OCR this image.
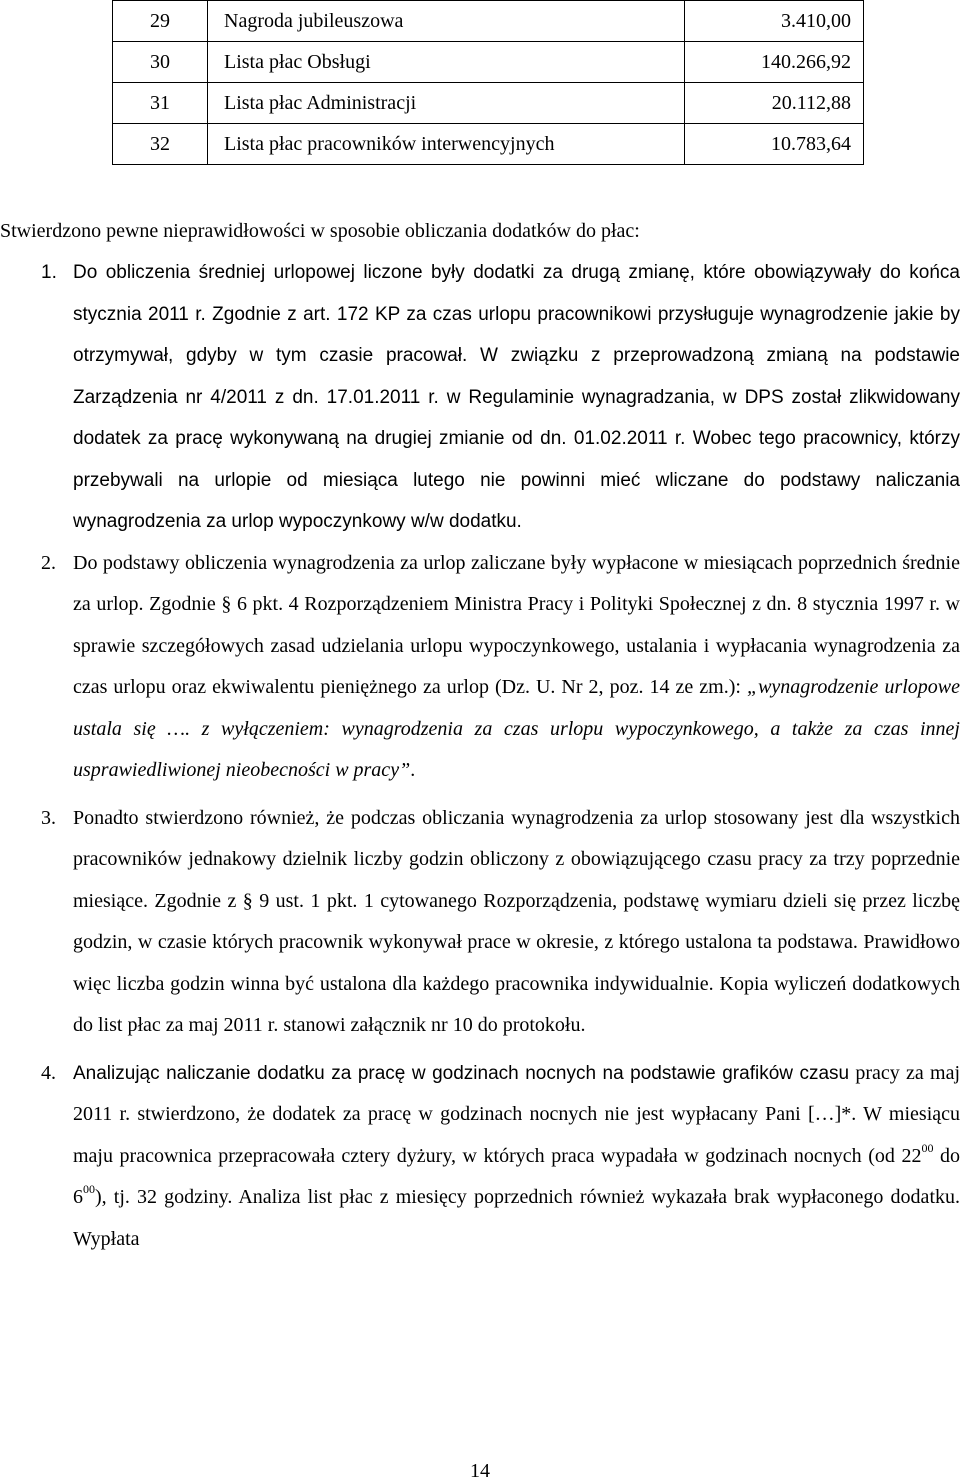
29	Nagroda jubileuszowa	3.410,00
30	Lista płac Obsługi	140.266,92
31	Lista płac Administracji	20.112,88
32	Lista płac pracowników interwencyjnych	10.783,64
Stwierdzono pewne nieprawidłowości w sposobie obliczania dodatków do płac:
1. Do obliczenia średniej urlopowej liczone były dodatki za drugą zmianę, które obowiązywały do końca stycznia 2011 r. Zgodnie z art. 172 KP za czas urlopu pracownikowi przysługuje wynagrodzenie jakie by otrzymywał, gdyby w tym czasie pracował. W związku z przeprowadzoną zmianą na podstawie Zarządzenia nr 4/2011 z dn. 17.01.2011 r. w Regulaminie wynagradzania, w DPS został zlikwidowany dodatek za pracę wykonywaną na drugiej zmianie od dn. 01.02.2011 r. Wobec tego pracownicy, którzy przebywali na urlopie od miesiąca lutego nie powinni mieć wliczane do podstawy naliczania wynagrodzenia za urlop wypoczynkowy w/w dodatku.
2. Do podstawy obliczenia wynagrodzenia za urlop zaliczane były wypłacone w miesiącach poprzednich średnie za urlop. Zgodnie § 6 pkt. 4 Rozporządzeniem Ministra Pracy i Polityki Społecznej z dn. 8 stycznia 1997 r. w sprawie szczegółowych zasad udzielania urlopu wypoczynkowego, ustalania i wypłacania wynagrodzenia za czas urlopu oraz ekwiwalentu pieniężnego za urlop (Dz. U. Nr 2, poz. 14 ze zm.): „wynagrodzenie urlopowe ustala się …. z wyłączeniem: wynagrodzenia za czas urlopu wypoczynkowego, a także za czas innej usprawiedliwionej nieobecności w pracy”.
3. Ponadto stwierdzono również, że podczas obliczania wynagrodzenia za urlop stosowany jest dla wszystkich pracowników jednakowy dzielnik liczby godzin obliczony z obowiązującego czasu pracy za trzy poprzednie miesiące. Zgodnie z § 9 ust. 1 pkt. 1 cytowanego Rozporządzenia, podstawę wymiaru dzieli się przez liczbę godzin, w czasie których pracownik wykonywał prace w okresie, z którego ustalona ta podstawa. Prawidłowo więc liczba godzin winna być ustalona dla każdego pracownika indywidualnie. Kopia wyliczeń dodatkowych do list płac za maj 2011 r. stanowi załącznik nr 10 do protokołu.
4. Analizując naliczanie dodatku za pracę w godzinach nocnych na podstawie grafików czasu pracy za maj 2011 r. stwierdzono, że dodatek za pracę w godzinach nocnych nie jest wypłacany Pani […]*. W miesiącu maju pracownica przepracowała cztery dyżury, w których praca wypadała w godzinach nocnych (od $22^{00}$ do $6^{00}$), tj. 32 godziny. Analiza list płac z miesięcy poprzednich również wykazała brak wypłaconego dodatku. Wypłata
14
